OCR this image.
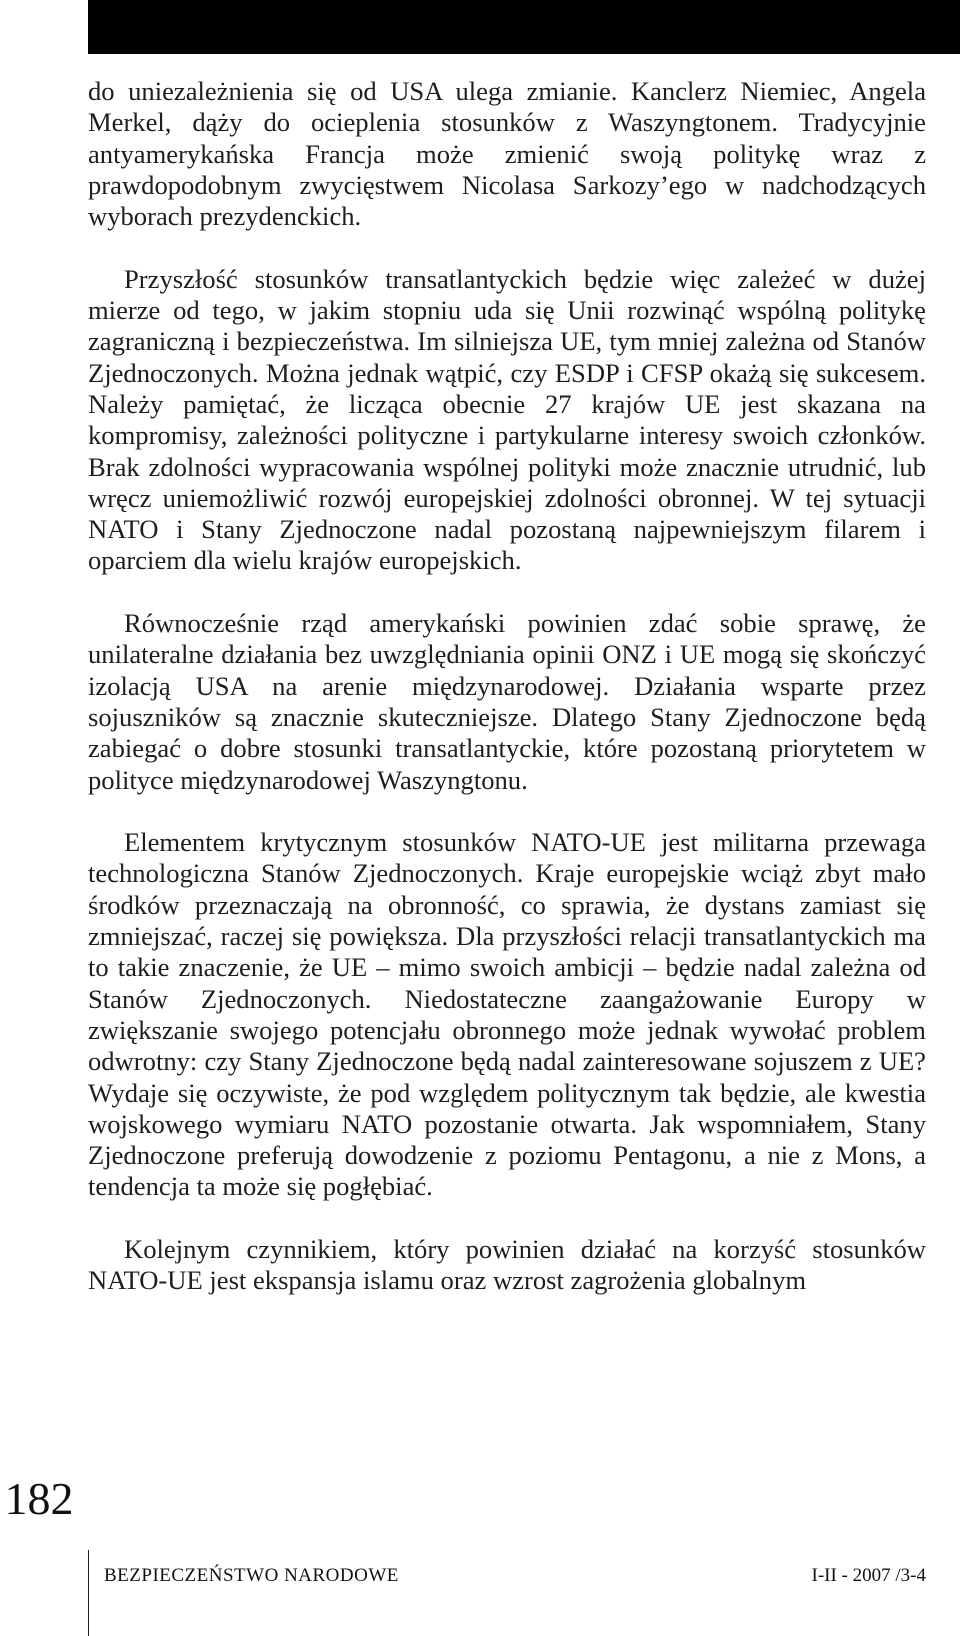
do uniezależnienia się od USA ulega zmianie. Kanclerz Niemiec, Angela Merkel, dąży do ocieplenia stosunków z Waszyngtonem. Tradycyjnie antyamerykańska Francja może zmienić swoją politykę wraz z prawdopodobnym zwycięstwem Nicolasa Sarkozy’ego w nadchodzących wyborach prezydenckich.

Przyszłość stosunków transatlantyckich będzie więc zależeć w dużej mierze od tego, w jakim stopniu uda się Unii rozwinąć wspólną politykę zagraniczną i bezpieczeństwa. Im silniejsza UE, tym mniej zależna od Stanów Zjednoczonych. Można jednak wątpić, czy ESDP i CFSP okażą się sukcesem. Należy pamiętać, że licząca obecnie 27 krajów UE jest skazana na kompromisy, zależności polityczne i partykularne interesy swoich członków. Brak zdolności wypracowania wspólnej polityki może znacznie utrudnić, lub wręcz uniemożliwić rozwój europejskiej zdolności obronnej. W tej sytuacji NATO i Stany Zjednoczone nadal pozostaną najpewniejszym filarem i oparciem dla wielu krajów europejskich.

Równocześnie rząd amerykański powinien zdać sobie sprawę, że unilateralne działania bez uwzględniania opinii ONZ i UE mogą się skończyć izolacją USA na arenie międzynarodowej. Działania wsparte przez sojuszników są znacznie skuteczniejsze. Dlatego Stany Zjednoczone będą zabiegać o dobre stosunki transatlantyckie, które pozostaną priorytetem w polityce międzynarodowej Waszyngtonu.

Elementem krytycznym stosunków NATO-UE jest militarna przewaga technologiczna Stanów Zjednoczonych. Kraje europejskie wciąż zbyt mało środków przeznaczają na obronność, co sprawia, że dystans zamiast się zmniejszać, raczej się powiększa. Dla przyszłości relacji transatlantyckich ma to takie znaczenie, że UE – mimo swoich ambicji – będzie nadal zależna od Stanów Zjednoczonych. Niedostateczne zaangażowanie Europy w zwiększanie swojego potencjału obronnego może jednak wywołać problem odwrotny: czy Stany Zjednoczone będą nadal zainteresowane sojuszem z UE? Wydaje się oczywiste, że pod względem politycznym tak będzie, ale kwestia wojskowego wymiaru NATO pozostanie otwarta. Jak wspomniałem, Stany Zjednoczone preferują dowodzenie z poziomu Pentagonu, a nie z Mons, a tendencja ta może się pogłębiać.

Kolejnym czynnikiem, który powinien działać na korzyść stosunków NATO-UE jest ekspansja islamu oraz wzrost zagrożenia globalnym

182
BEZPIECZEŃSTWO NARODOWE	I-II - 2007 /3-4
